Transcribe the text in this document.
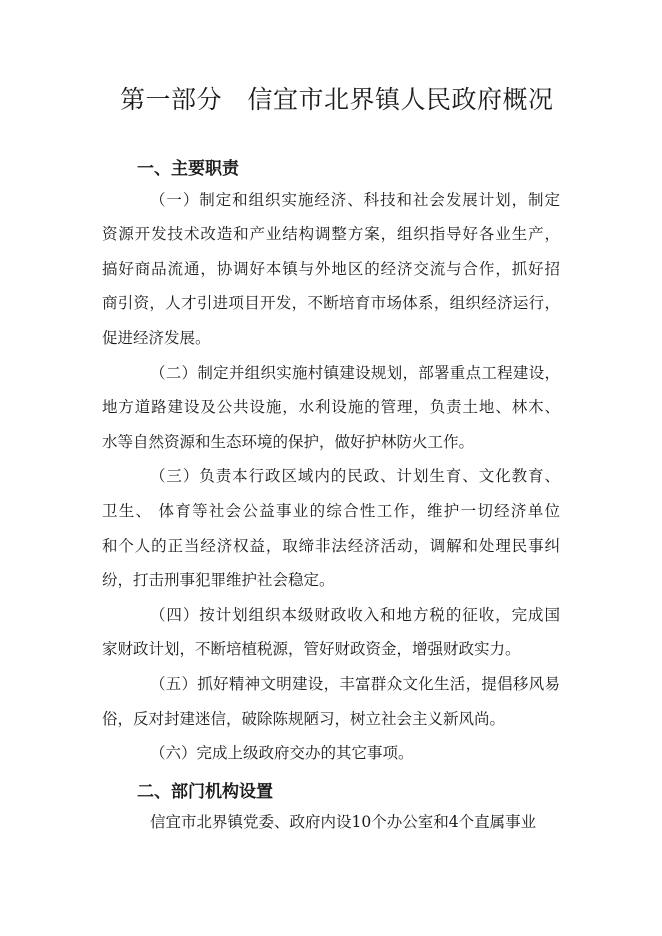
第一部分　信宜市北界镇人民政府概况
一、主要职责
（一）制定和组织实施经济、科技和社会发展计划，制定
资源开发技术改造和产业结构调整方案，组织指导好各业生产，
搞好商品流通，协调好本镇与外地区的经济交流与合作，抓好招
商引资，人才引进项目开发，不断培育市场体系，组织经济运行，
促进经济发展。
（二）制定并组织实施村镇建设规划，部署重点工程建设，
地方道路建设及公共设施，水利设施的管理，负责土地、林木、
水等自然资源和生态环境的保护，做好护林防火工作。
（三）负责本行政区域内的民政、计划生育、文化教育、
卫生、 体育等社会公益事业的综合性工作，维护一切经济单位
和个人的正当经济权益，取缔非法经济活动，调解和处理民事纠
纷，打击刑事犯罪维护社会稳定。
（四）按计划组织本级财政收入和地方税的征收，完成国
家财政计划，不断培植税源，管好财政资金，增强财政实力。
（五）抓好精神文明建设，丰富群众文化生活，提倡移风易
俗，反对封建迷信，破除陈规陋习，树立社会主义新风尚。
（六）完成上级政府交办的其它事项。
二、部门机构设置
信宜市北界镇党委、政府内设10个办公室和4个直属事业
